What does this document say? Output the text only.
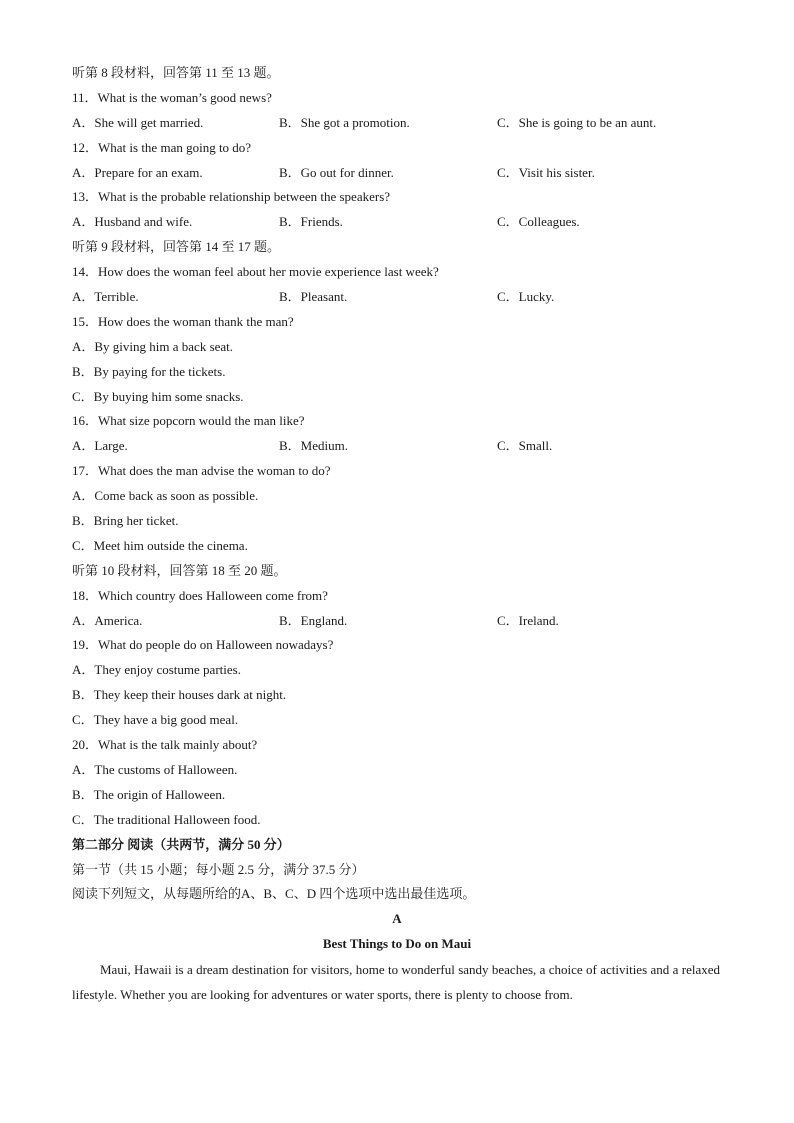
听第 8 段材料，回答第 11 至 13 题。
11．What is the woman’s good news?
A．She will get married.	B．She got a promotion.	C．She is going to be an aunt.
12．What is the man going to do?
A．Prepare for an exam.	B．Go out for dinner.	C．Visit his sister.
13．What is the probable relationship between the speakers?
A．Husband and wife.	B．Friends.	C．Colleagues.
听第 9 段材料，回答第 14 至 17 题。
14．How does the woman feel about her movie experience last week?
A．Terrible.	B．Pleasant.	C．Lucky.
15．How does the woman thank the man?
A．By giving him a back seat.
B．By paying for the tickets.
C．By buying him some snacks.
16．What size popcorn would the man like?
A．Large.	B．Medium.	C．Small.
17．What does the man advise the woman to do?
A．Come back as soon as possible.
B．Bring her ticket.
C．Meet him outside the cinema.
听第 10 段材料，回答第 18 至 20 题。
18．Which country does Halloween come from?
A．America.	B．England.	C．Ireland.
19．What do people do on Halloween nowadays?
A．They enjoy costume parties.
B．They keep their houses dark at night.
C．They have a big good meal.
20．What is the talk mainly about?
A．The customs of Halloween.
B．The origin of Halloween.
C．The traditional Halloween food.
第二部分 阅读（共两节，满分 50 分）
第一节（共 15 小题；每小题 2.5 分，满分 37.5 分）
阅读下列短文，从每题所给的A、B、C、D 四个选项中选出最佳选项。
A
Best Things to Do on Maui

Maui, Hawaii is a dream destination for visitors, home to wonderful sandy beaches, a choice of activities and a relaxed lifestyle. Whether you are looking for adventures or water sports, there is plenty to choose from.
